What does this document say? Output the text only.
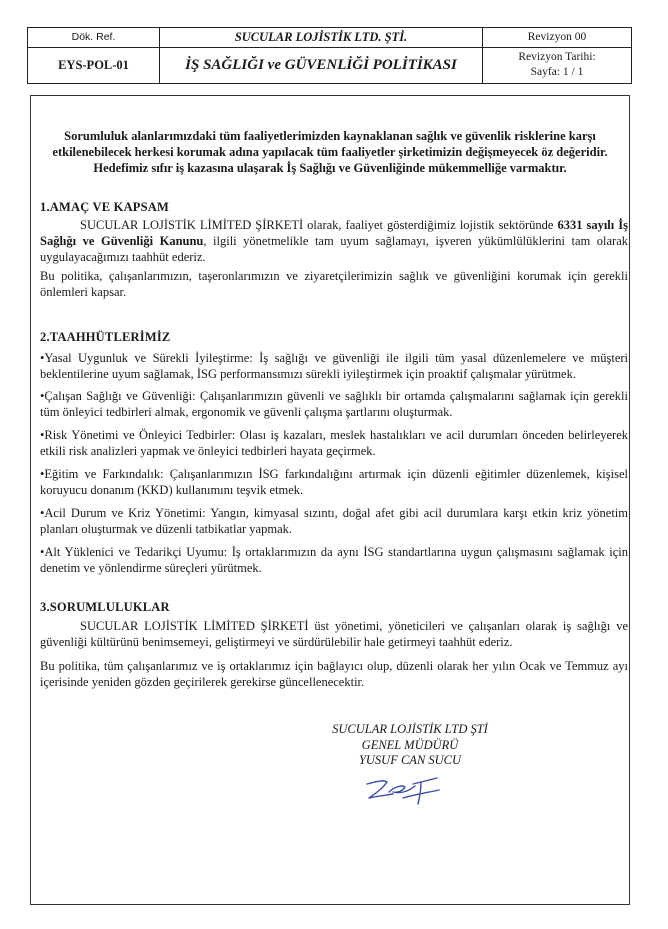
Dök. Ref.
EYS-POL-01
SUCULAR LOJİSTİK LTD. ŞTİ.
İŞ SAĞLIĞI ve GÜVENLİĞİ POLİTİKASI
Revizyon 00
Revizyon Tarihi:
Sayfa: 1 / 1
Sorumluluk alanlarımızdaki tüm faaliyetlerimizden kaynaklanan sağlık ve güvenlik risklerine karşı etkilenebilecek herkesi korumak adına yapılacak tüm faaliyetler şirketimizin değişmeyecek öz değeridir. Hedefimiz sıfır iş kazasına ulaşarak İş Sağlığı ve Güvenliğinde mükemmelliğe varmaktır.
1.AMAÇ VE KAPSAM
SUCULAR LOJİSTİK LİMİTED ŞİRKETİ olarak, faaliyet gösterdiğimiz lojistik sektöründe 6331 sayılı İş Sağlığı ve Güvenliği Kanunu, ilgili yönetmelikle tam uyum sağlamayı, işveren yükümlülüklerini tam olarak uygulayacağımızı taahhüt ederiz.
Bu politika, çalışanlarımızın, taşeronlarımızın ve ziyaretçilerimizin sağlık ve güvenliğini korumak için gerekli önlemleri kapsar.
2.TAAHHÜTLERİMİZ
•Yasal Uygunluk ve Sürekli İyileştirme: İş sağlığı ve güvenliği ile ilgili tüm yasal düzenlemelere ve müşteri beklentilerine uyum sağlamak, İSG performansımızı sürekli iyileştirmek için proaktif çalışmalar yürütmek.
•Çalışan Sağlığı ve Güvenliği: Çalışanlarımızın güvenli ve sağlıklı bir ortamda çalışmalarını sağlamak için gerekli tüm önleyici tedbirleri almak, ergonomik ve güvenli çalışma şartlarını oluşturmak.
•Risk Yönetimi ve Önleyici Tedbirler: Olası iş kazaları, meslek hastalıkları ve acil durumları önceden belirleyerek etkili risk analizleri yapmak ve önleyici tedbirleri hayata geçirmek.
•Eğitim ve Farkındalık: Çalışanlarımızın İSG farkındalığını artırmak için düzenli eğitimler düzenlemek, kişisel koruyucu donanım (KKD) kullanımını teşvik etmek.
•Acil Durum ve Kriz Yönetimi: Yangın, kimyasal sızıntı, doğal afet gibi acil durumlara karşı etkin kriz yönetim planları oluşturmak ve düzenli tatbikatlar yapmak.
•Alt Yüklenici ve Tedarikçi Uyumu: İş ortaklarımızın da aynı İSG standartlarına uygun çalışmasını sağlamak için denetim ve yönlendirme süreçleri yürütmek.
3.SORUMLULUKLAR
SUCULAR LOJİSTİK LİMİTED ŞİRKETİ üst yönetimi, yöneticileri ve çalışanları olarak iş sağlığı ve güvenliği kültürünü benimsemeyi, geliştirmeyi ve sürdürülebilir hale getirmeyi taahhüt ederiz.
Bu politika, tüm çalışanlarımız ve iş ortaklarımız için bağlayıcı olup, düzenli olarak her yılın Ocak ve Temmuz ayı içerisinde yeniden gözden geçirilerek gerekirse güncellenecektir.
SUCULAR LOJİSTİK LTD ŞTİ
GENEL MÜDÜRÜ
YUSUF CAN SUCU
